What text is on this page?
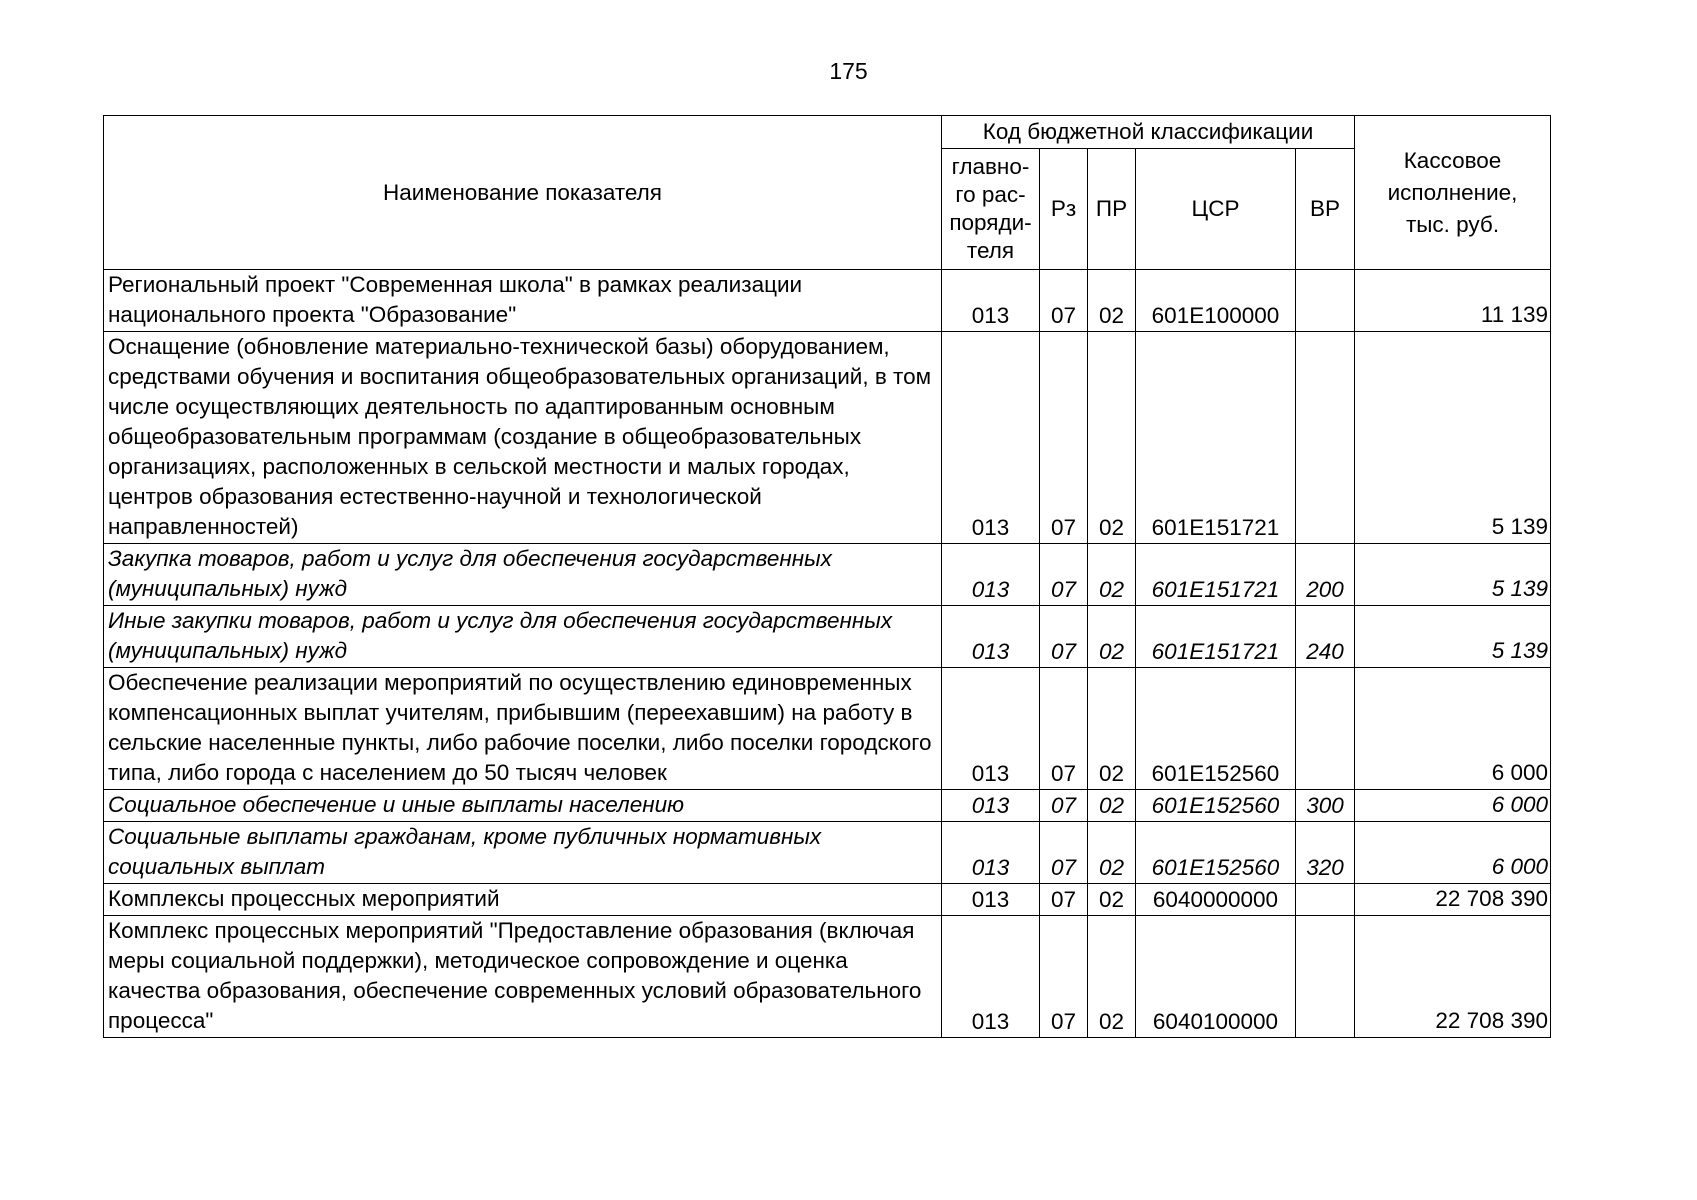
175
Наименование показателя	Код бюджетной классификации					Кассовое
исполнение,
тыс. руб.
	главно-
го рас-
поряди-
теля	Рз	ПР	ЦСР	ВР	
Региональный проект "Современная школа" в рамках реализации национального проекта "Образование"	013	07	02	601E100000		11 139
Оснащение (обновление материально-технической базы) оборудованием, средствами обучения и воспитания общеобразовательных организаций, в том числе осуществляющих деятельность по адаптированным основным общеобразовательным программам (создание в общеобразовательных организациях, расположенных в сельской местности и малых городах, центров образования естественно-научной и технологической направленностей)	013	07	02	601E151721		5 139
Закупка товаров, работ и услуг для обеспечения государственных (муниципальных) нужд	013	07	02	601E151721	200	5 139
Иные закупки товаров, работ и услуг для обеспечения государственных (муниципальных) нужд	013	07	02	601E151721	240	5 139
Обеспечение реализации мероприятий по осуществлению единовременных компенсационных выплат учителям, прибывшим (переехавшим) на работу в сельские населенные пункты, либо рабочие поселки, либо поселки городского типа, либо города с населением до 50 тысяч человек	013	07	02	601E152560		6 000
Социальное обеспечение и иные выплаты населению	013	07	02	601E152560	300	6 000
Социальные выплаты гражданам, кроме публичных нормативных социальных выплат	013	07	02	601E152560	320	6 000
Комплексы процессных мероприятий	013	07	02	6040000000		22 708 390
Комплекс процессных мероприятий "Предоставление образования (включая меры социальной поддержки), методическое сопровождение и оценка качества образования, обеспечение современных условий образовательного процесса"	013	07	02	6040100000		22 708 390
